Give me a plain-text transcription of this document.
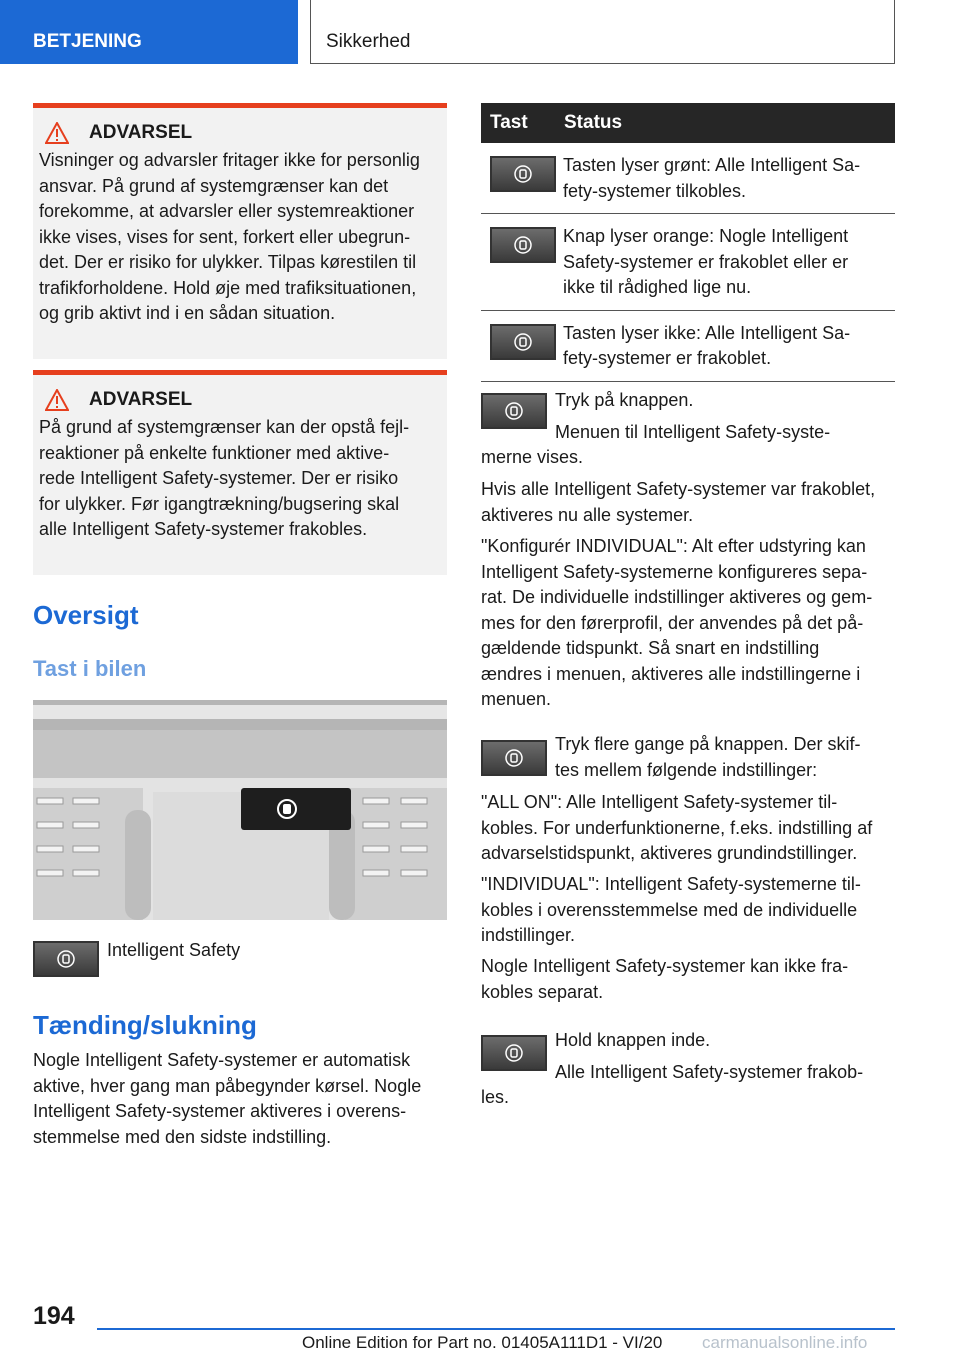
BETJENING	Sikkerhed
ADVARSEL
Visninger og advarsler fritager ikke for personlig
ansvar. På grund af systemgrænser kan det
forekomme, at advarsler eller systemreaktioner
ikke vises, vises for sent, forkert eller ubegrun-
det. Der er risiko for ulykker. Tilpas kørestilen til
trafikforholdene. Hold øje med trafiksituationen,
og grib aktivt ind i en sådan situation.
ADVARSEL
På grund af systemgrænser kan der opstå fejl-
reaktioner på enkelte funktioner med aktive-
rede Intelligent Safety-systemer. Der er risiko
for ulykker. Før igangtrækning/bugsering skal
alle Intelligent Safety-systemer frakobles.
Oversigt
Tast i bilen
Intelligent Safety
Tænding/slukning
Nogle Intelligent Safety-systemer er automatisk
aktive, hver gang man påbegynder kørsel. Nogle
Intelligent Safety-systemer aktiveres i overens-
stemmelse med den sidste indstilling.
Tast	Status
Tasten lyser grønt: Alle Intelligent Sa-
fety-systemer tilkobles.
Knap lyser orange: Nogle Intelligent
Safety-systemer er frakoblet eller er
ikke til rådighed lige nu.
Tasten lyser ikke: Alle Intelligent Sa-
fety-systemer er frakoblet.
Tryk på knappen.
Menuen til Intelligent Safety-syste-
merne vises.
Hvis alle Intelligent Safety-systemer var frakoblet,
aktiveres nu alle systemer.
"Konfigurér INDIVIDUAL": Alt efter udstyring kan
Intelligent Safety-systemerne konfigureres sepa-
rat. De individuelle indstillinger aktiveres og gem-
mes for den førerprofil, der anvendes på det på-
gældende tidspunkt. Så snart en indstilling
ændres i menuen, aktiveres alle indstillingerne i
menuen.
Tryk flere gange på knappen. Der skif-
tes mellem følgende indstillinger:
"ALL ON": Alle Intelligent Safety-systemer til-
kobles. For underfunktionerne, f.eks. indstilling af
advarselstidspunkt, aktiveres grundindstillinger.
"INDIVIDUAL": Intelligent Safety-systemerne til-
kobles i overensstemmelse med de individuelle
indstillinger.
Nogle Intelligent Safety-systemer kan ikke fra-
kobles separat.
Hold knappen inde.
Alle Intelligent Safety-systemer frakob-
les.
194
Online Edition for Part no. 01405A111D1 - VI/20 carmanualsonline.info
